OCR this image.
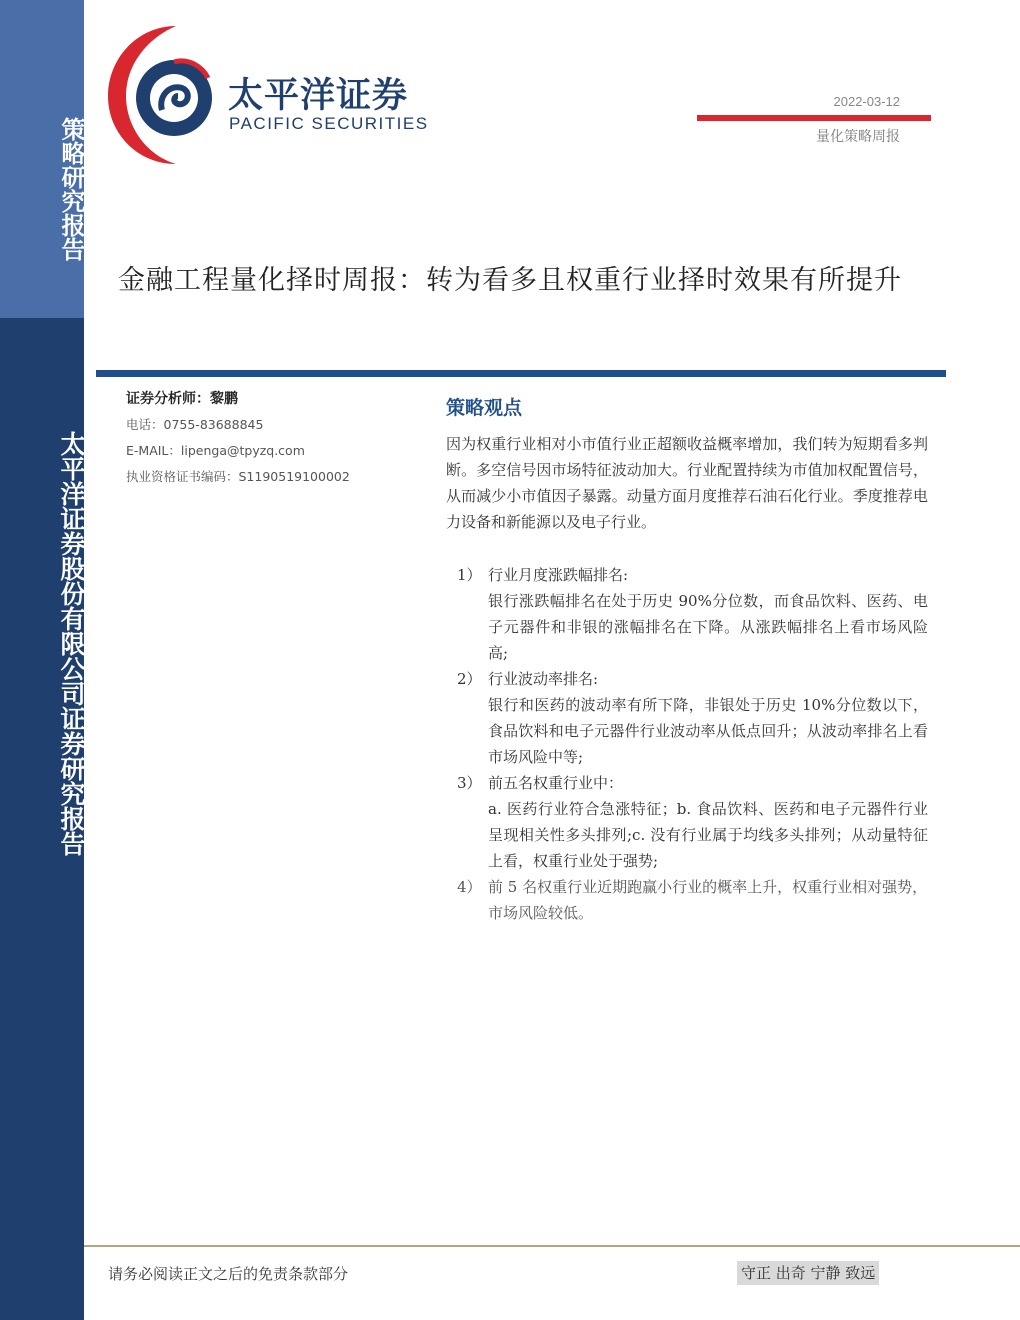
策略研究报告
太平洋证券股份有限公司证券研究报告
太平洋证券
PACIFIC SECURITIES
2022-03-12
量化策略周报
金融工程量化择时周报：转为看多且权重行业择时效果有所提升
证券分析师：黎鹏
电话：0755-83688845
E-MAIL：lipenga@tpyzq.com
执业资格证书编码：S1190519100002
策略观点
因为权重行业相对小市值行业正超额收益概率增加，我们转为短期看多判断。多空信号因市场特征波动加大。行业配置持续为市值加权配置信号，从而减少小市值因子暴露。动量方面月度推荐石油石化行业。季度推荐电力设备和新能源以及电子行业。
1） 行业月度涨跌幅排名:
银行涨跌幅排名在处于历史 90%分位数，而食品饮料、医药、电子元器件和非银的涨幅排名在下降。从涨跌幅排名上看市场风险高;
2） 行业波动率排名:
银行和医药的波动率有所下降，非银处于历史 10%分位数以下，食品饮料和电子元器件行业波动率从低点回升；从波动率排名上看市场风险中等;
3） 前五名权重行业中：
a. 医药行业符合急涨特征；b. 食品饮料、医药和电子元器件行业呈现相关性多头排列;c. 没有行业属于均线多头排列；从动量特征上看，权重行业处于强势;
4） 前 5 名权重行业近期跑赢小行业的概率上升，权重行业相对强势，市场风险较低。
请务必阅读正文之后的免责条款部分	守正 出奇 宁静 致远
